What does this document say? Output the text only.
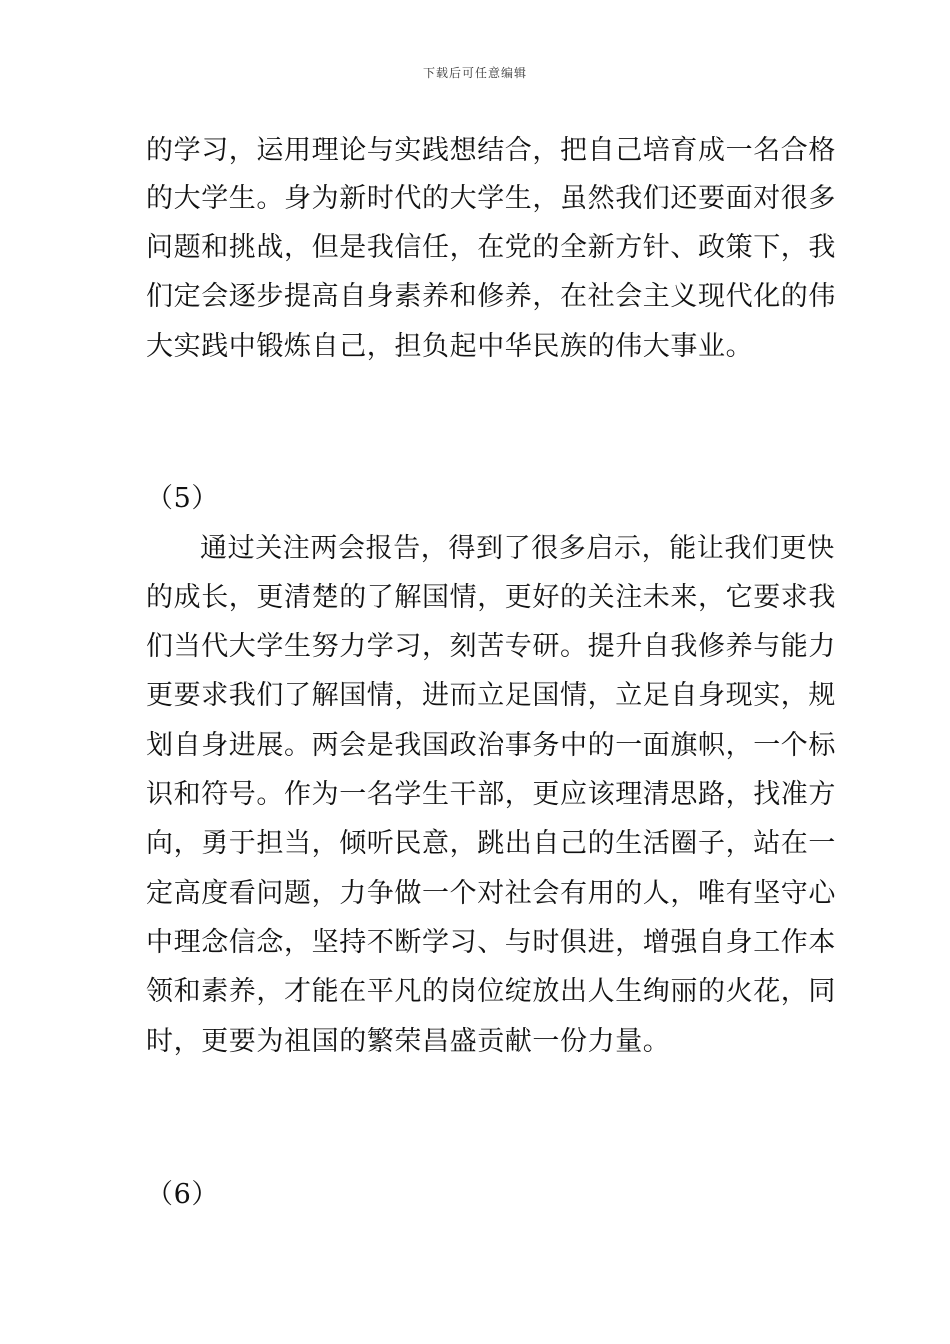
下载后可任意编辑
的学习，运用理论与实践想结合，把自己培育成一名合格
的大学生。身为新时代的大学生，虽然我们还要面对很多
问题和挑战，但是我信任，在党的全新方针、政策下，我
们定会逐步提高自身素养和修养，在社会主义现代化的伟
大实践中锻炼自己，担负起中华民族的伟大事业。
（5）
通过关注两会报告，得到了很多启示，能让我们更快
的成长，更清楚的了解国情，更好的关注未来，它要求我
们当代大学生努力学习，刻苦专研。提升自我修养与能力
更要求我们了解国情，进而立足国情，立足自身现实，规
划自身进展。两会是我国政治事务中的一面旗帜，一个标
识和符号。作为一名学生干部，更应该理清思路，找准方
向，勇于担当，倾听民意，跳出自己的生活圈子，站在一
定高度看问题，力争做一个对社会有用的人，唯有坚守心
中理念信念，坚持不断学习、与时俱进，增强自身工作本
领和素养，才能在平凡的岗位绽放出人生绚丽的火花，同
时，更要为祖国的繁荣昌盛贡献一份力量。
（6）
